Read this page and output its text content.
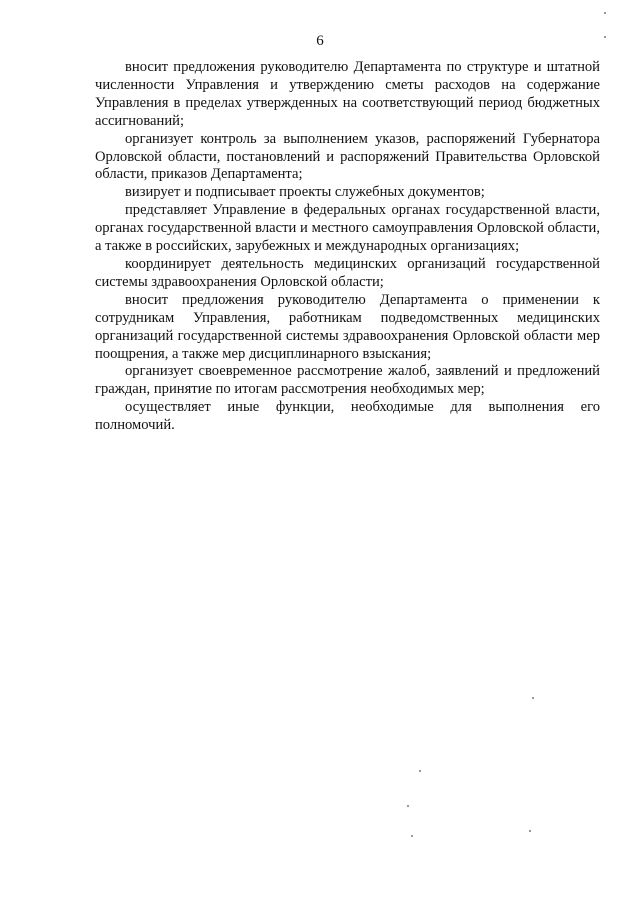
6

вносит предложения руководителю Департамента по структуре и штатной численности Управления и утверждению сметы расходов на содержание Управления в пределах утвержденных на соответствующий период бюджетных ассигнований;

организует контроль за выполнением указов, распоряжений Губернатора Орловской области, постановлений и распоряжений Правительства Орловской области, приказов Департамента;

визирует и подписывает проекты служебных документов;

представляет Управление в федеральных органах государственной власти, органах государственной власти и местного самоуправления Орловской области, а также в российских, зарубежных и международных организациях;

координирует деятельность медицинских организаций государственной системы здравоохранения Орловской области;

вносит предложения руководителю Департамента о применении к сотрудникам Управления, работникам подведомственных медицинских организаций государственной системы здравоохранения Орловской области мер поощрения, а также мер дисциплинарного взыскания;

организует своевременное рассмотрение жалоб, заявлений и предложений граждан, принятие по итогам рассмотрения необходимых мер;

осуществляет иные функции, необходимые для выполнения его полномочий.
